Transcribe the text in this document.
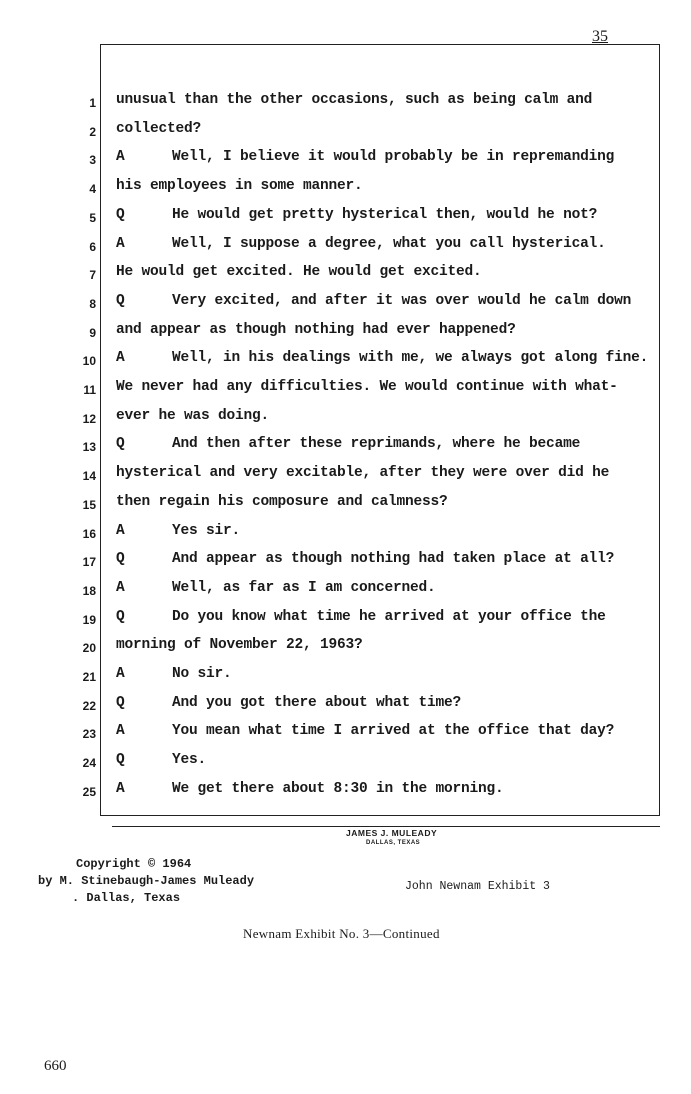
35
1 unusual than the other occasions, such as being calm and
2 collected?
3 A	Well, I believe it would probably be in repremanding
4 his employees in some manner.
5 Q	He would get pretty hysterical then, would he not?
6 A	Well, I suppose a degree, what you call hysterical.
7 He would get excited. He would get excited.
8 Q	Very excited, and after it was over would he calm down
9 and appear as though nothing had ever happened?
10 A	Well, in his dealings with me, we always got along fine.
11 We never had any difficulties. We would continue with what-
12 ever he was doing.
13 Q	And then after these reprimands, where he became
14 hysterical and very excitable, after they were over did he
15 then regain his composure and calmness?
16 A	Yes sir.
17 Q	And appear as though nothing had taken place at all?
18 A	Well, as far as I am concerned.
19 Q	Do you know what time he arrived at your office the
20 morning of November 22, 1963?
21 A	No sir.
22 Q	And you got there about what time?
23 A	You mean what time I arrived at the office that day?
24 Q	Yes.
25 A	We get there about 8:30 in the morning.
JAMES J. MULEADY
DALLAS, TEXAS
Copyright © 1964
by M. Stinebaugh-James Muleady
. Dallas, Texas
John Newnam Exhibit 3
Newnam Exhibit No. 3—Continued
660
